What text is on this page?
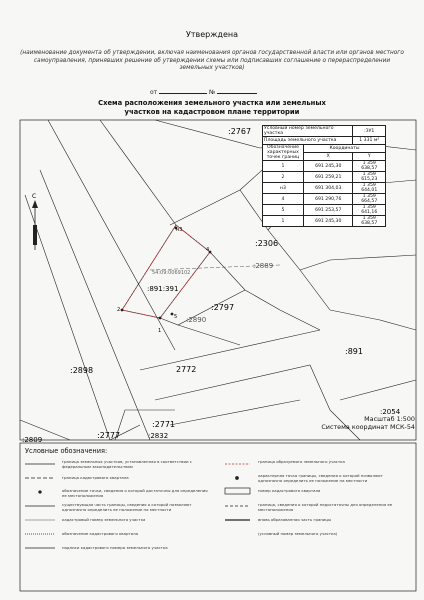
Утверждена
(наименование документа об утверждении, включая наименования органов государственной власти или органов местного самоуправления, принявших решение об утверждении схемы или подписавших соглашение о перераспределении земельных участков)
от	№
Схема расположения земельного участка или земельных
участков на кадастровом плане территории
С
:2767
:2306
:2889
:891:391
:2797
:2890
:2898	2772
:891
:2771
:2832
:2777
:2809
:2054
54:09:0069102
н3
4
2
1
5
Условный номер земельного участка		:ЗУ1
Площадь земельного участка		1 331 м²
Обозначение характерных точек границ	Координаты	
	X	Y
1	691 245,30	1 359 638,57
2	691 259,21	1 359 615,23
н3	691 304,03	1 359 644,01
4	691 290,76	1 359 664,57
5	691 253,57	1 359 641,16
1	691 245,30	1 359 638,57
Масштаб 1:500
Система координат МСК-54
Условные обозначения:
граница земельных участков, установленная в соответствии с федеральным законодательством
граница кадастрового квартала
обозначение точки, сведения о которой достаточны для определения ее местоположения
существующая часть границы, сведения о которой позволяют однозначно определить ее положение на местности
кадастровый номер земельного участка
обозначение кадастрового квартала
надписи кадастрового номера земельного участка
граница образуемого земельного участка
характерная точка границы, сведения о которой позволяют однозначно определить ее положение на местности
номер кадастрового квартала
граница, сведения о которой недостаточны для определения ее местоположения
вновь образованная часть границы
(условный номер земельного участка)
